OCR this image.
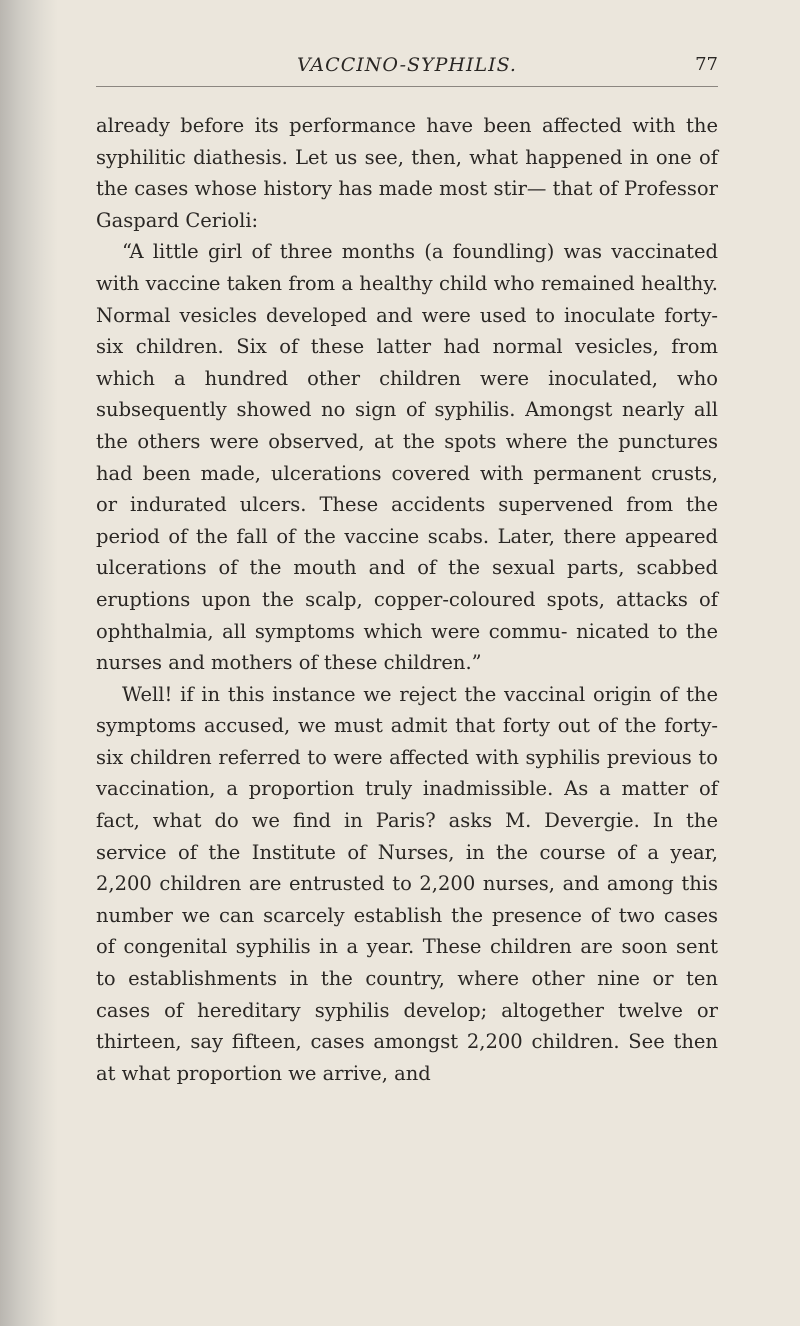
VACCINO-SYPHILIS.	77

already before its performance have been affected with the syphilitic diathesis. Let us see, then, what happened in one of the cases whose history has made most stir— that of Professor Gaspard Cerioli:

“A little girl of three months (a foundling) was vaccinated with vaccine taken from a healthy child who remained healthy. Normal vesicles developed and were used to inoculate forty-six children. Six of these latter had normal vesicles, from which a hundred other children were inoculated, who subsequently showed no sign of syphilis. Amongst nearly all the others were observed, at the spots where the punctures had been made, ulcerations covered with permanent crusts, or indurated ulcers. These accidents supervened from the period of the fall of the vaccine scabs. Later, there appeared ulcerations of the mouth and of the sexual parts, scabbed eruptions upon the scalp, copper-coloured spots, attacks of ophthalmia, all symptoms which were commu- nicated to the nurses and mothers of these children.”

Well! if in this instance we reject the vaccinal origin of the symptoms accused, we must admit that forty out of the forty-six children referred to were affected with syphilis previous to vaccination, a proportion truly inadmissible. As a matter of fact, what do we find in Paris? asks M. Devergie. In the service of the Institute of Nurses, in the course of a year, 2,200 children are entrusted to 2,200 nurses, and among this number we can scarcely establish the presence of two cases of congenital syphilis in a year. These children are soon sent to establishments in the country, where other nine or ten cases of hereditary syphilis develop; altogether twelve or thirteen, say fifteen, cases amongst 2,200 children. See then at what proportion we arrive, and
